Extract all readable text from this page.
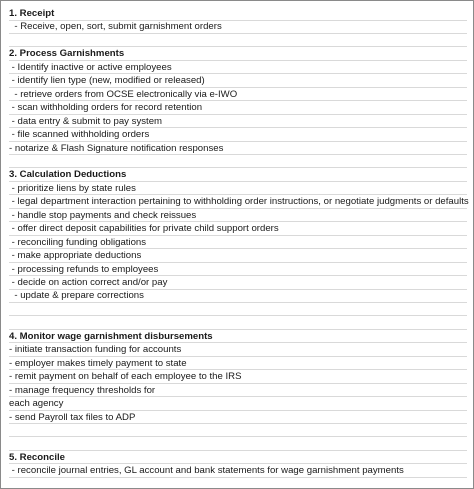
1. Receipt
- Receive, open, sort, submit garnishment orders
2. Process Garnishments
- Identify inactive or active employees
- identify lien type (new, modified or released)
- retrieve orders from OCSE electronically via e-IWO
- scan withholding orders for record retention
- data entry & submit to pay system
- file scanned withholding orders
- notarize & Flash Signature notification responses
3. Calculation Deductions
- prioritize liens by state rules
- legal department interaction pertaining to withholding order instructions, or negotiate judgments or defaults
- handle stop payments and check reissues
- offer direct deposit capabilities for private child support orders
- reconciling funding obligations
- make appropriate deductions
- processing refunds to employees
- decide on action correct and/or pay
- update & prepare corrections
4. Monitor wage garnishment disbursements
- initiate transaction funding for accounts
- employer makes timely payment to state
- remit payment on behalf of each employee to the IRS
- manage frequency thresholds for
each agency
- send Payroll tax files to ADP
5. Reconcile
- reconcile journal entries, GL account and bank statements for wage garnishment payments
